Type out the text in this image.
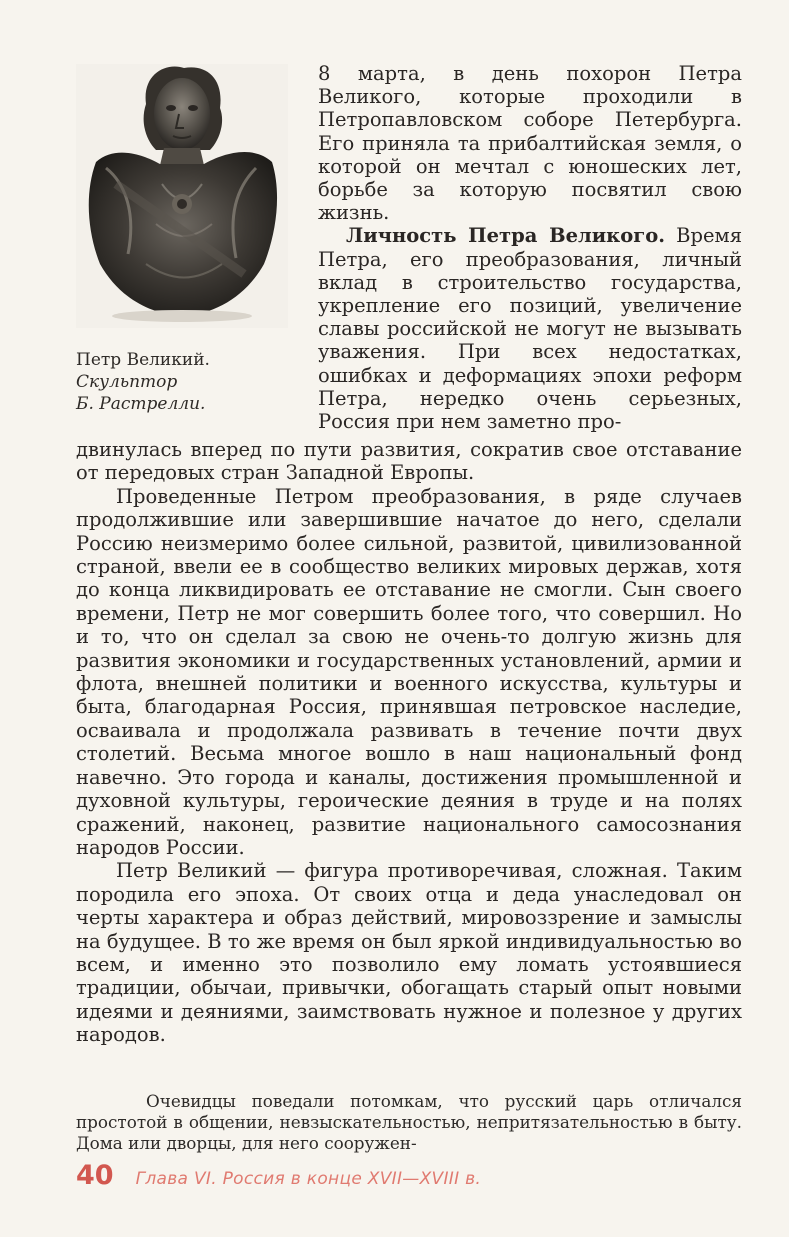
Петр Великий.
Скульптор
Б. Растрелли.

8 марта, в день похорон Петра Великого, которые проходили в Петропавловском соборе Петербурга. Его приняла та прибалтийская земля, о которой он мечтал с юношеских лет, борьбе за которую посвятил свою жизнь.

Личность Петра Великого. Время Петра, его преобразования, личный вклад в строительство государства, укрепление его позиций, увеличение славы российской не могут не вызывать уважения. При всех недостатках, ошибках и деформациях эпохи реформ Петра, нередко очень серьезных, Россия при нем заметно про-

двинулась вперед по пути развития, сократив свое отставание от передовых стран Западной Европы.

Проведенные Петром преобразования, в ряде случаев продолжившие или завершившие начатое до него, сделали Россию неизмеримо более сильной, развитой, цивилизованной страной, ввели ее в сообщество великих мировых держав, хотя до конца ликвидировать ее отставание не смогли. Сын своего времени, Петр не мог совершить более того, что совершил. Но и то, что он сделал за свою не очень-то долгую жизнь для развития экономики и государственных установлений, армии и флота, внешней политики и военного искусства, культуры и быта, благодарная Россия, принявшая петровское наследие, осваивала и продолжала развивать в течение почти двух столетий. Весьма многое вошло в наш национальный фонд навечно. Это города и каналы, достижения промышленной и духовной культуры, героические деяния в труде и на полях сражений, наконец, развитие национального самосознания народов России.

Петр Великий — фигура противоречивая, сложная. Таким породила его эпоха. От своих отца и деда унаследовал он черты характера и образ действий, мировоззрение и замыслы на будущее. В то же время он был яркой индивидуальностью во всем, и именно это позволило ему ломать устоявшиеся традиции, обычаи, привычки, обогащать старый опыт новыми идеями и деяниями, заимствовать нужное и полезное у других народов.

Очевидцы поведали потомкам, что русский царь отличался простотой в общении, невзыскательностью, непритязательностью в быту. Дома или дворцы, для него сооружен-

40 Глава VI. Россия в конце XVII—XVIII в.
